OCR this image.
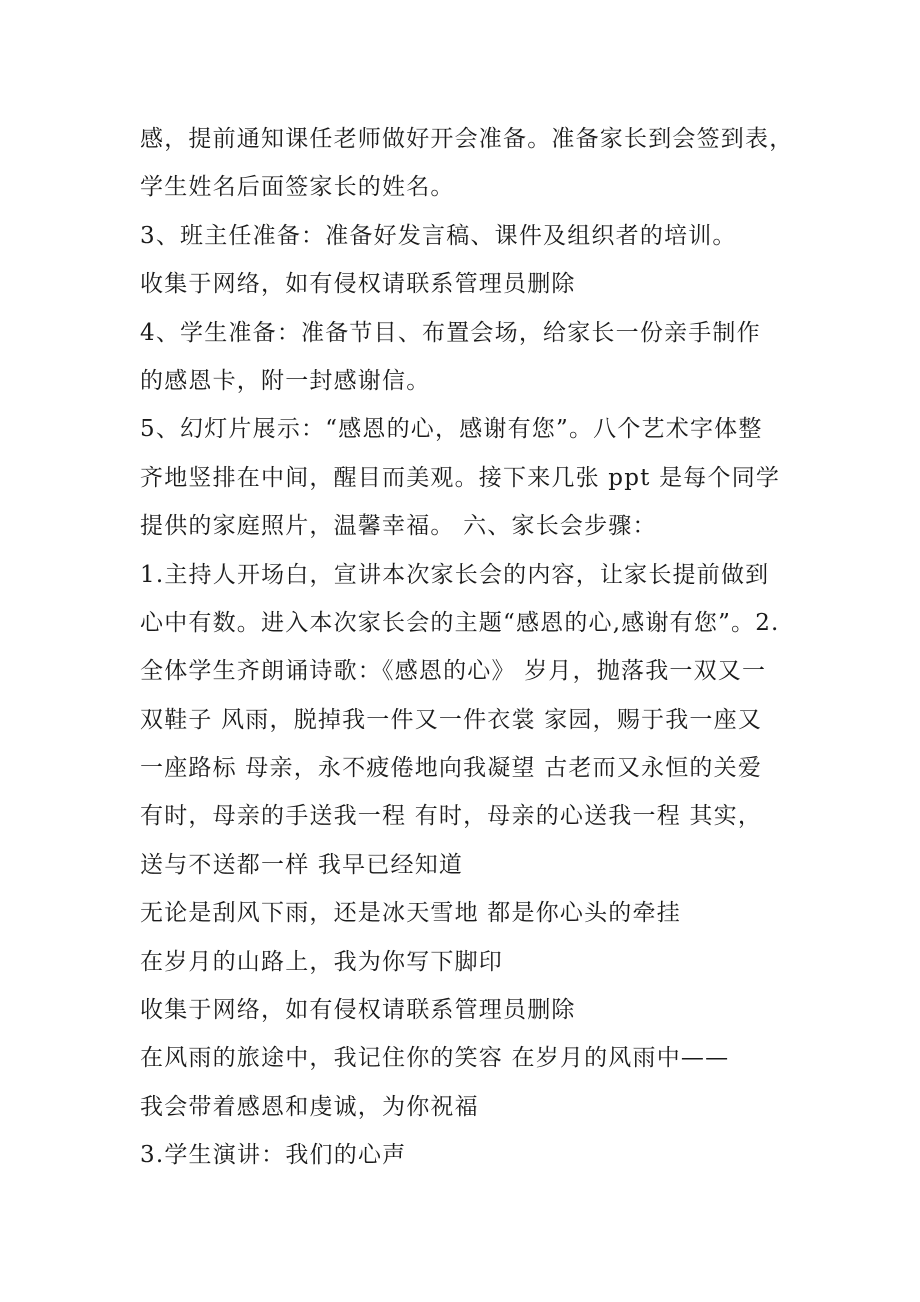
感，提前通知课任老师做好开会准备。准备家长到会签到表，
学生姓名后面签家长的姓名。
3、班主任准备：准备好发言稿、课件及组织者的培训。
收集于网络，如有侵权请联系管理员删除
4、学生准备：准备节目、布置会场，给家长一份亲手制作
的感恩卡，附一封感谢信。
5、幻灯片展示：“感恩的心，感谢有您”。八个艺术字体整
齐地竖排在中间，醒目而美观。接下来几张 ppt 是每个同学
提供的家庭照片，温馨幸福。 六、家长会步骤：
1.主持人开场白，宣讲本次家长会的内容，让家长提前做到
心中有数。进入本次家长会的主题“感恩的心,感谢有您”。2.
全体学生齐朗诵诗歌：《感恩的心》 岁月，抛落我一双又一
双鞋子 风雨，脱掉我一件又一件衣裳 家园，赐于我一座又
一座路标 母亲，永不疲倦地向我凝望 古老而又永恒的关爱
有时，母亲的手送我一程 有时，母亲的心送我一程 其实，
送与不送都一样 我早已经知道
无论是刮风下雨，还是冰天雪地 都是你心头的牵挂
在岁月的山路上，我为你写下脚印
收集于网络，如有侵权请联系管理员删除
在风雨的旅途中，我记住你的笑容 在岁月的风雨中——
我会带着感恩和虔诚，为你祝福
3.学生演讲：我们的心声
